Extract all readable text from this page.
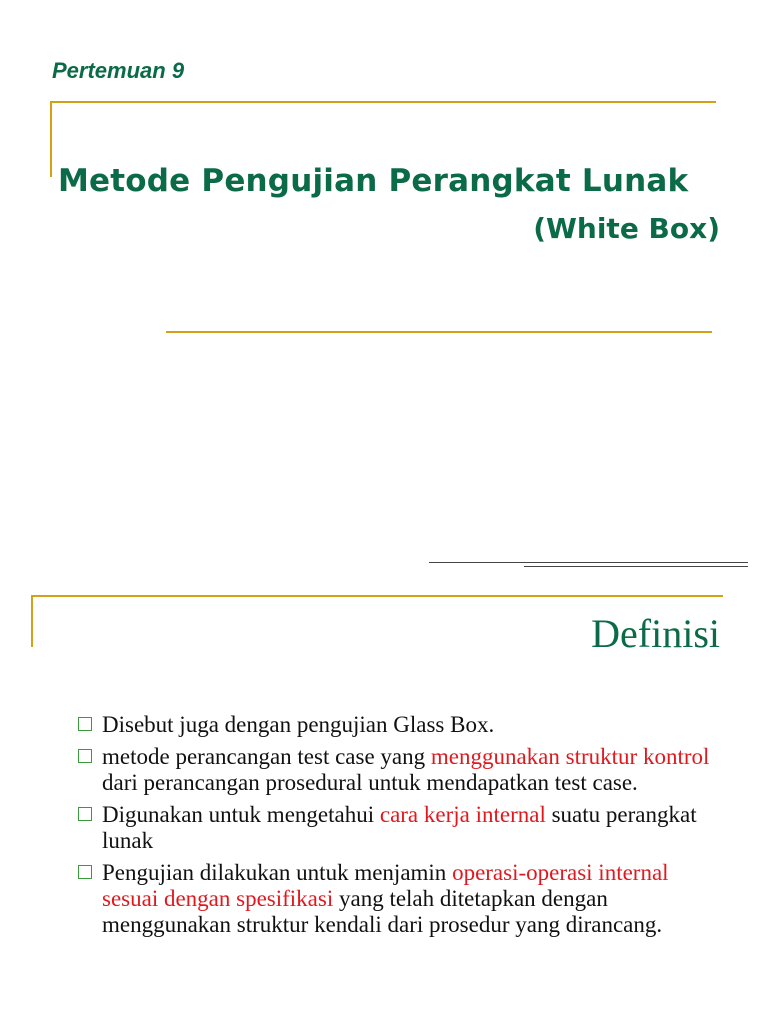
Pertemuan 9
Metode Pengujian Perangkat Lunak
(White Box)
Definisi
Disebut juga dengan pengujian Glass Box.
metode perancangan test case yang menggunakan struktur kontrol dari perancangan prosedural untuk mendapatkan test case.
Digunakan untuk mengetahui cara kerja internal suatu perangkat lunak
Pengujian dilakukan untuk menjamin operasi-operasi internal sesuai dengan spesifikasi yang telah ditetapkan dengan menggunakan struktur kendali dari prosedur yang dirancang.
